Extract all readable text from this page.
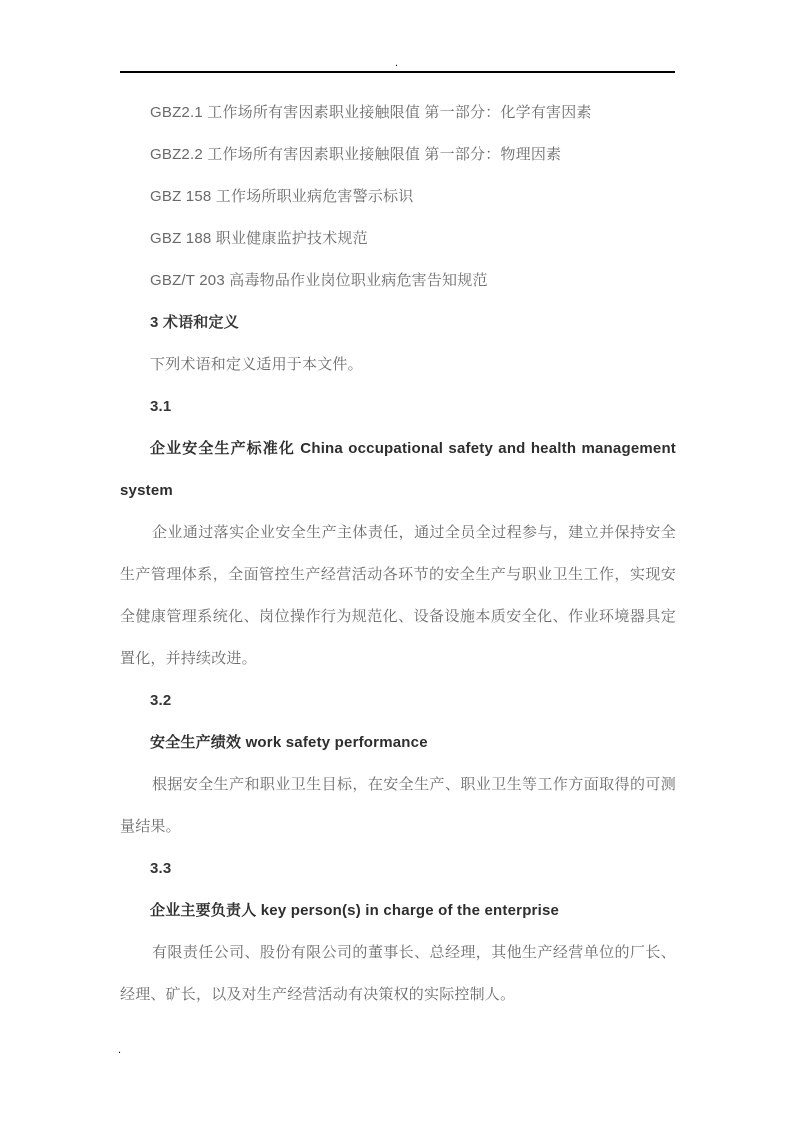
.
GBZ2.1 工作场所有害因素职业接触限值 第一部分：化学有害因素
GBZ2.2 工作场所有害因素职业接触限值 第一部分：物理因素
GBZ 158 工作场所职业病危害警示标识
GBZ 188 职业健康监护技术规范
GBZ/T 203 高毒物品作业岗位职业病危害告知规范
3 术语和定义
下列术语和定义适用于本文件。
3.1
企业安全生产标准化 China occupational safety and health management system
企业通过落实企业安全生产主体责任，通过全员全过程参与，建立并保持安全生产管理体系，全面管控生产经营活动各环节的安全生产与职业卫生工作，实现安全健康管理系统化、岗位操作行为规范化、设备设施本质安全化、作业环境器具定置化，并持续改进。
3.2
安全生产绩效 work safety performance
根据安全生产和职业卫生目标，在安全生产、职业卫生等工作方面取得的可测量结果。
3.3
企业主要负责人 key person(s) in charge of the enterprise
有限责任公司、股份有限公司的董事长、总经理，其他生产经营单位的厂长、经理、矿长，以及对生产经营活动有决策权的实际控制人。
.
